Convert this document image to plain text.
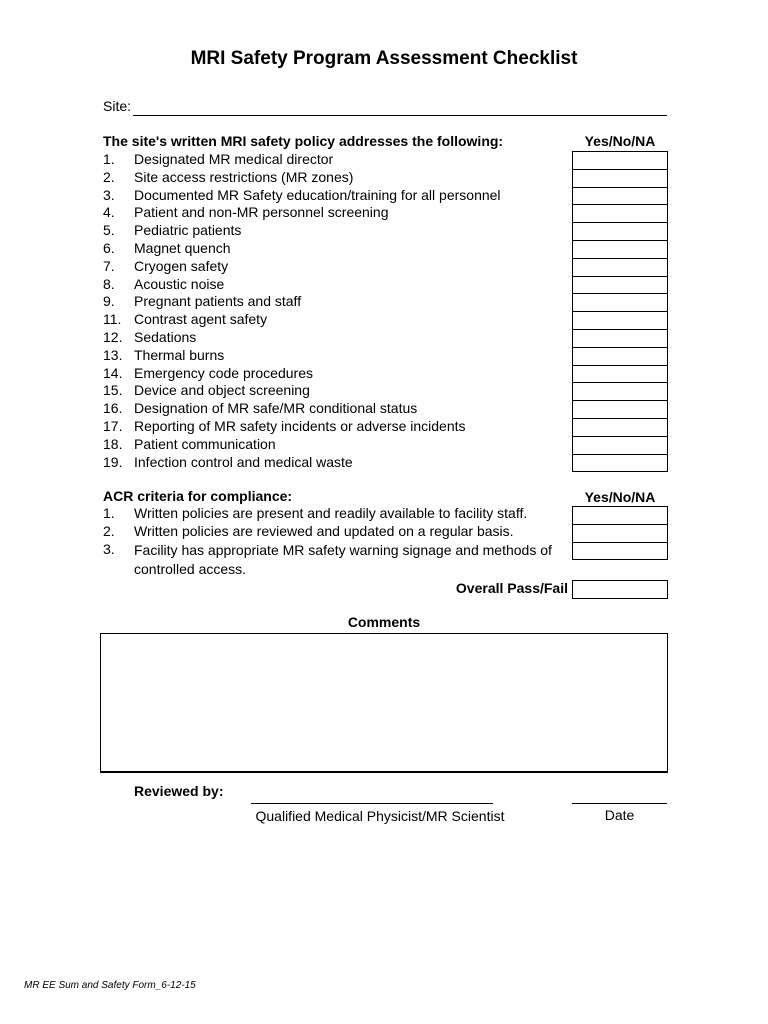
MRI Safety Program Assessment Checklist
Site:
The site's written MRI safety policy addresses the following:	Yes/No/NA
1. Designated MR medical director
2. Site access restrictions (MR zones)
3. Documented MR Safety education/training for all personnel
4. Patient and non-MR personnel screening
5. Pediatric patients
6. Magnet quench
7. Cryogen safety
8. Acoustic noise
9. Pregnant patients and staff
11. Contrast agent safety
12. Sedations
13. Thermal burns
14. Emergency code procedures
15. Device and object screening
16. Designation of MR safe/MR conditional status
17. Reporting of MR safety incidents or adverse incidents
18. Patient communication
19. Infection control and medical waste
ACR criteria for compliance:	Yes/No/NA
1. Written policies are present and readily available to facility staff.
2. Written policies are reviewed and updated on a regular basis.
3. Facility has appropriate MR safety warning signage and methods of controlled access.
Overall Pass/Fail
Comments
Reviewed by:
Qualified Medical Physicist/MR Scientist	Date
MR EE Sum and Safety Form_6-12-15
